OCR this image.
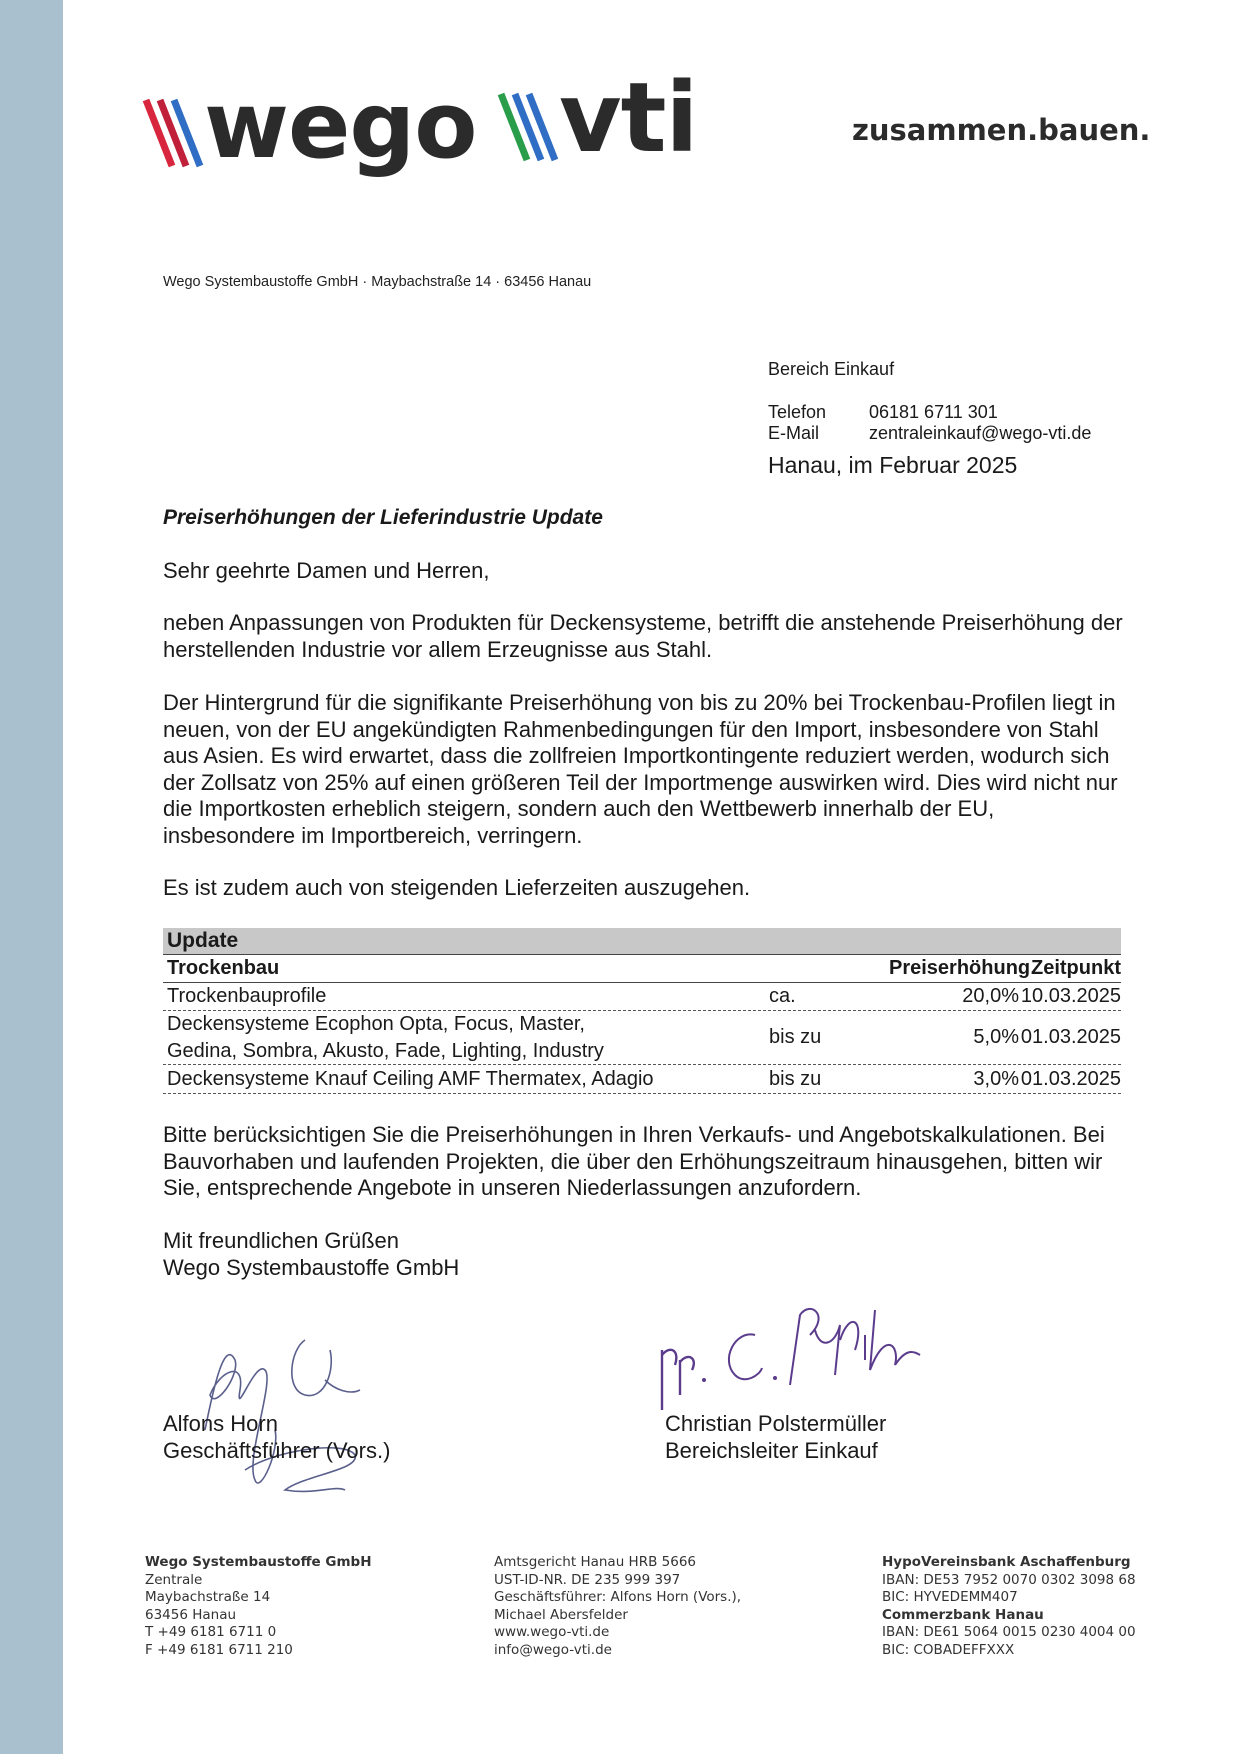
wego vti	zusammen.bauen.
Wego Systembaustoffe GmbH · Maybachstraße 14 · 63456 Hanau
Bereich Einkauf
Telefon	06181 6711 301
E-Mail	zentraleinkauf@wego-vti.de
Hanau, im Februar 2025
Preiserhöhungen der Lieferindustrie Update

Sehr geehrte Damen und Herren,

neben Anpassungen von Produkten für Deckensysteme, betrifft die anstehende Preiserhöhung der herstellenden Industrie vor allem Erzeugnisse aus Stahl.

Der Hintergrund für die signifikante Preiserhöhung von bis zu 20% bei Trockenbau-Profilen liegt in neuen, von der EU angekündigten Rahmenbedingungen für den Import, insbesondere von Stahl aus Asien. Es wird erwartet, dass die zollfreien Importkontingente reduziert werden, wodurch sich der Zollsatz von 25% auf einen größeren Teil der Importmenge auswirken wird. Dies wird nicht nur die Importkosten erheblich steigern, sondern auch den Wettbewerb innerhalb der EU, insbesondere im Importbereich, verringern.

Es ist zudem auch von steigenden Lieferzeiten auszugehen.

Update
Trockenbau	Preiserhöhung Zeitpunkt
Trockenbauprofile	ca.	20,0% 10.03.2025
Deckensysteme Ecophon Opta, Focus, Master,
Gedina, Sombra, Akusto, Fade, Lighting, Industry
bis zu	5,0% 01.03.2025
Deckensysteme Knauf Ceiling AMF Thermatex, Adagio	bis zu	3,0% 01.03.2025

Bitte berücksichtigen Sie die Preiserhöhungen in Ihren Verkaufs- und Angebotskalkulationen. Bei Bauvorhaben und laufenden Projekten, die über den Erhöhungszeitraum hinausgehen, bitten wir Sie, entsprechende Angebote in unseren Niederlassungen anzufordern.

Mit freundlichen Grüßen
Wego Systembaustoffe GmbH
Alfons Horn
Geschäftsführer (Vors.)
Christian Polstermüller
Bereichsleiter Einkauf
Wego Systembaustoffe GmbH
Zentrale
Maybachstraße 14
63456 Hanau
T +49 6181 6711 0
F +49 6181 6711 210
Amtsgericht Hanau HRB 5666
UST-ID-NR. DE 235 999 397
Geschäftsführer: Alfons Horn (Vors.),
Michael Abersfelder
www.wego-vti.de
info@wego-vti.de
HypoVereinsbank Aschaffenburg
IBAN: DE53 7952 0070 0302 3098 68
BIC: HYVEDEMM407
Commerzbank Hanau
IBAN: DE61 5064 0015 0230 4004 00
BIC: COBADEFFXXX
